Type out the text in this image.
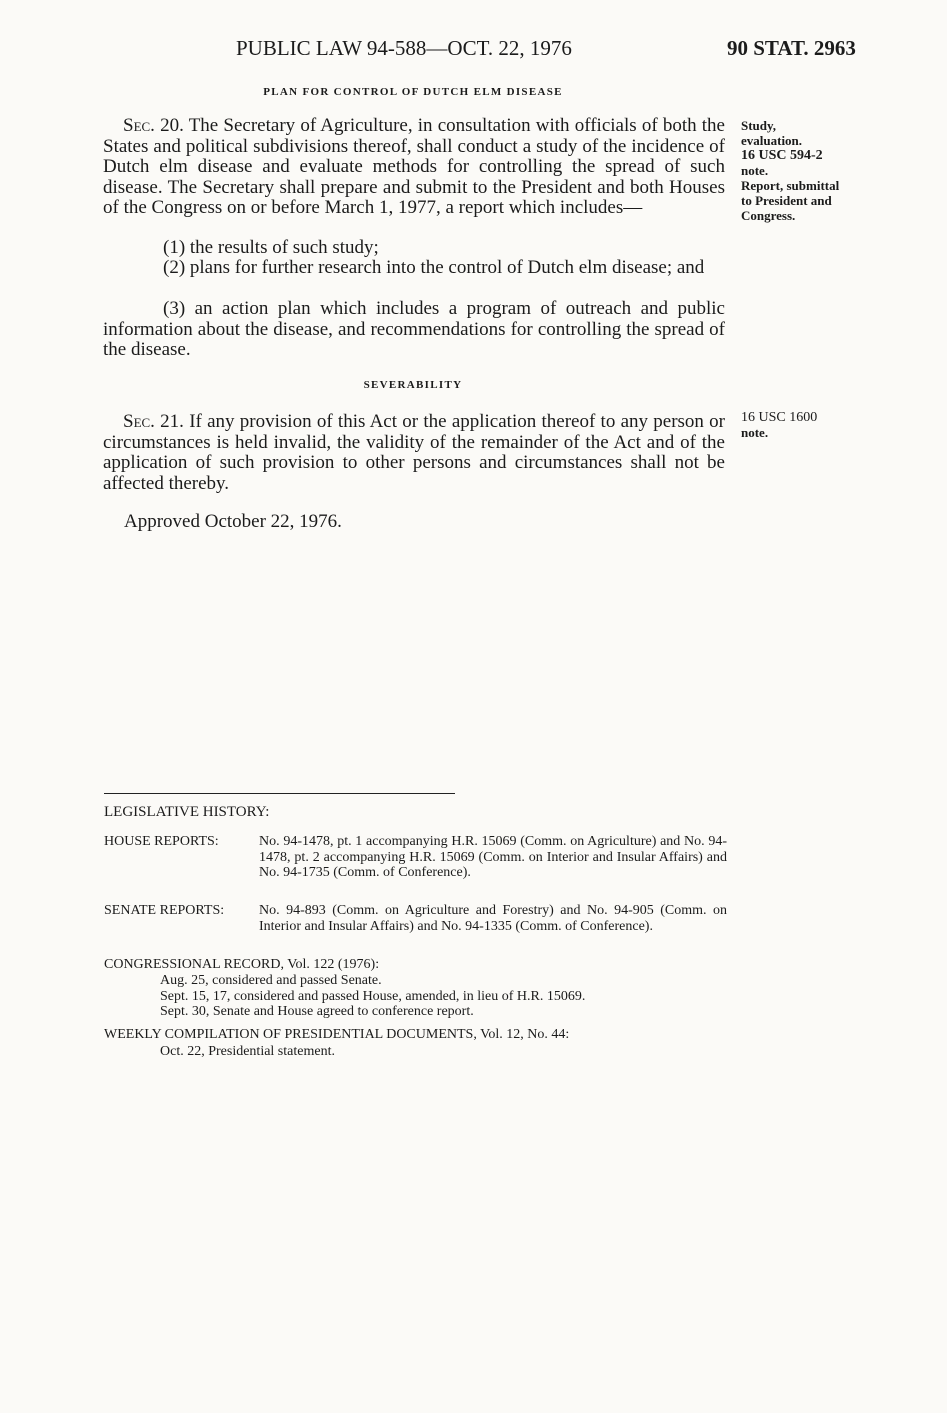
PUBLIC LAW 94-588—OCT. 22, 1976	90 STAT. 2963
PLAN FOR CONTROL OF DUTCH ELM DISEASE
Sec. 20. The Secretary of Agriculture, in consultation with officials of both the States and political subdivisions thereof, shall conduct a study of the incidence of Dutch elm disease and evaluate methods for controlling the spread of such disease. The Secretary shall prepare and submit to the President and both Houses of the Congress on or before March 1, 1977, a report which includes—
(1) the results of such study;
(2) plans for further research into the control of Dutch elm disease; and
(3) an action plan which includes a program of outreach and public information about the disease, and recommendations for controlling the spread of the disease.
Study,
evaluation.
16 USC 594-2
note.
Report, submittal
to President and
Congress.
SEVERABILITY
Sec. 21. If any provision of this Act or the application thereof to any person or circumstances is held invalid, the validity of the remainder of the Act and of the application of such provision to other persons and circumstances shall not be affected thereby.
16 USC 1600
note.
Approved October 22, 1976.
LEGISLATIVE HISTORY:
HOUSE REPORTS:	No. 94-1478, pt. 1 accompanying H.R. 15069 (Comm. on Agriculture) and No. 94-1478, pt. 2 accompanying H.R. 15069 (Comm. on Interior and Insular Affairs) and No. 94-1735 (Comm. of Conference).
SENATE REPORTS: No. 94-893 (Comm. on Agriculture and Forestry) and No. 94-905 (Comm. on Interior and Insular Affairs) and No. 94-1335 (Comm. of Conference).
CONGRESSIONAL RECORD, Vol. 122 (1976):
Aug. 25, considered and passed Senate.
Sept. 15, 17, considered and passed House, amended, in lieu of H.R. 15069.
Sept. 30, Senate and House agreed to conference report.
WEEKLY COMPILATION OF PRESIDENTIAL DOCUMENTS, Vol. 12, No. 44:
Oct. 22, Presidential statement.
